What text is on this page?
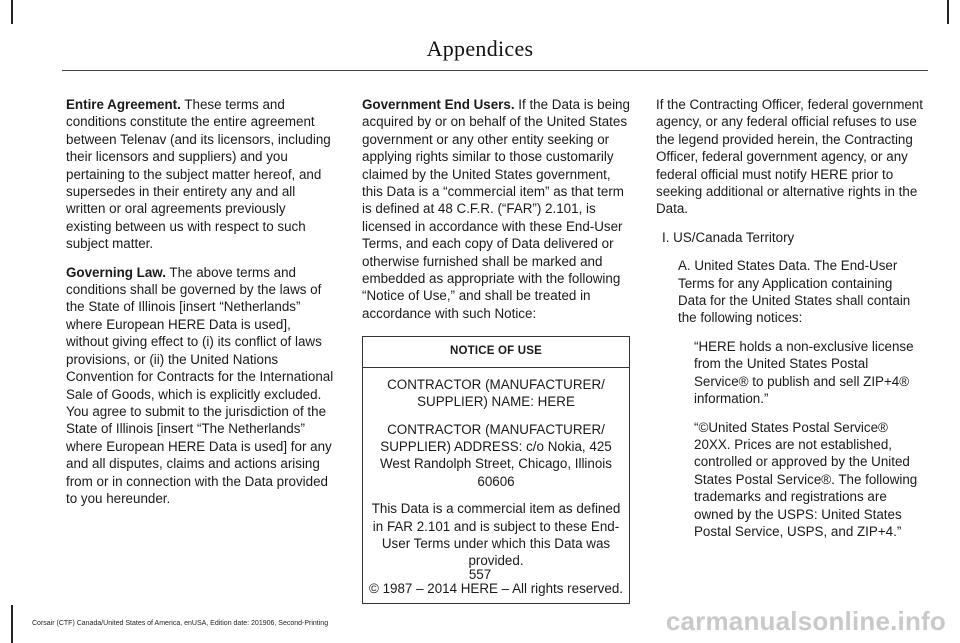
Appendices

Entire Agreement. These terms and conditions constitute the entire agreement between Telenav (and its licensors, including their licensors and suppliers) and you pertaining to the subject matter hereof, and supersedes in their entirety any and all written or oral agreements previously existing between us with respect to such subject matter.

Governing Law. The above terms and conditions shall be governed by the laws of the State of Illinois [insert “Netherlands” where European HERE Data is used], without giving effect to (i) its conflict of laws provisions, or (ii) the United Nations Convention for Contracts for the International Sale of Goods, which is explicitly excluded. You agree to submit to the jurisdiction of the State of Illinois [insert “The Netherlands” where European HERE Data is used] for any and all disputes, claims and actions arising from or in connection with the Data provided to you hereunder.

Government End Users. If the Data is being acquired by or on behalf of the United States government or any other entity seeking or applying rights similar to those customarily claimed by the United States government, this Data is a “commercial item” as that term is defined at 48 C.F.R. (“FAR”) 2.101, is licensed in accordance with these End-User Terms, and each copy of Data delivered or otherwise furnished shall be marked and embedded as appropriate with the following “Notice of Use,” and shall be treated in accordance with such Notice:

NOTICE OF USE

CONTRACTOR (MANUFACTURER/ SUPPLIER) NAME: HERE

CONTRACTOR (MANUFACTURER/ SUPPLIER) ADDRESS: c/o Nokia, 425 West Randolph Street, Chicago, Illinois 60606

This Data is a commercial item as defined in FAR 2.101 and is subject to these End-User Terms under which this Data was provided.

© 1987 – 2014 HERE – All rights reserved.

If the Contracting Officer, federal government agency, or any federal official refuses to use the legend provided herein, the Contracting Officer, federal government agency, or any federal official must notify HERE prior to seeking additional or alternative rights in the Data.

I. US/Canada Territory

A. United States Data. The End-User Terms for any Application containing Data for the United States shall contain the following notices:

“HERE holds a non-exclusive license from the United States Postal Service® to publish and sell ZIP+4® information.”

“©United States Postal Service® 20XX. Prices are not established, controlled or approved by the United States Postal Service®. The following trademarks and registrations are owned by the USPS: United States Postal Service, USPS, and ZIP+4.”

557
Corsair (CTF) Canada/United States of America, enUSA, Edition date: 201906, Second-Printing	carmanualsonline.info
